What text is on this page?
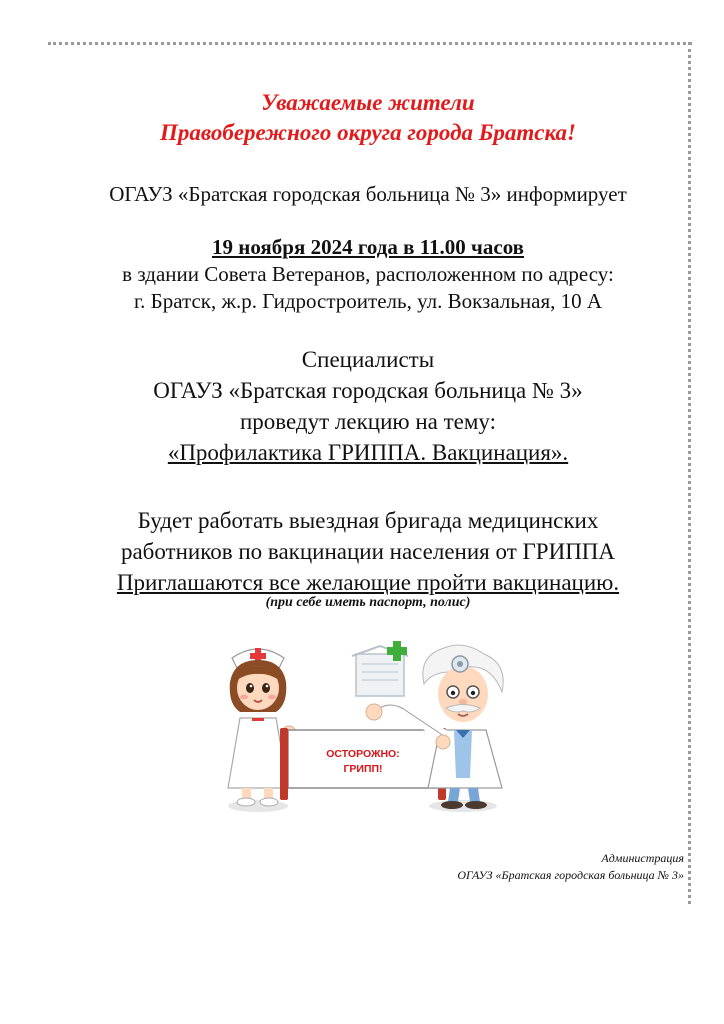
Уважаемые жители
Правобережного округа города Братска!
ОГАУЗ «Братская городская больница № 3» информирует
19 ноября 2024 года в 11.00 часов
в здании Совета Ветеранов, расположенном по адресу:
г. Братск, ж.р. Гидростроитель, ул. Вокзальная, 10 А
Специалисты
ОГАУЗ «Братская городская больница № 3»
проведут лекцию на тему:
«Профилактика ГРИППА. Вакцинация».
Будет работать выездная бригада медицинских
работников по вакцинации населения от ГРИППА
Приглашаются все желающие пройти вакцинацию.
(при себе иметь паспорт, полис)
ОСТОРОЖНО:
ГРИПП!
Администрация
ОГАУЗ «Братская городская больница № 3»
